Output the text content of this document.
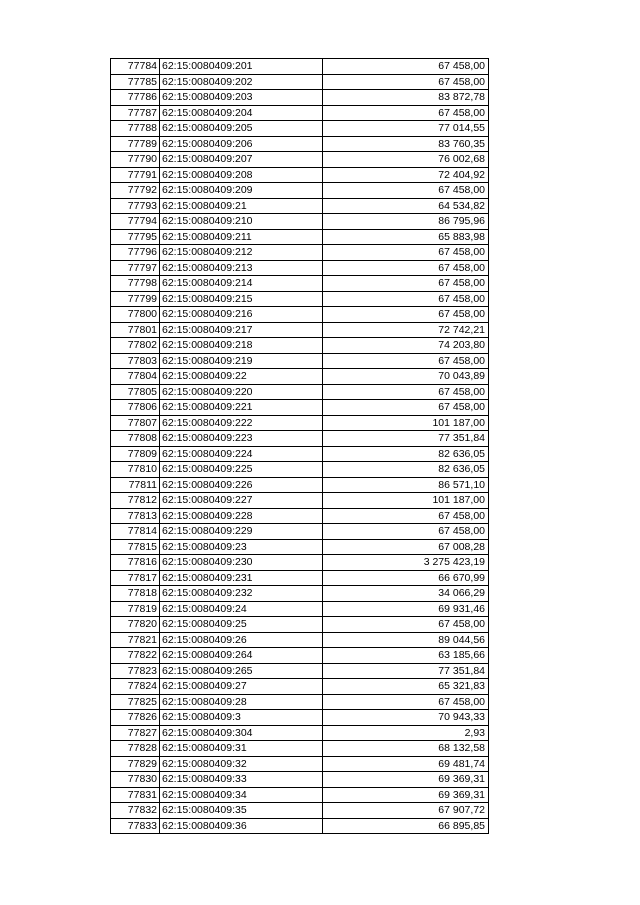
77784	62:15:0080409:201	67 458,00
77785	62:15:0080409:202	67 458,00
77786	62:15:0080409:203	83 872,78
77787	62:15:0080409:204	67 458,00
77788	62:15:0080409:205	77 014,55
77789	62:15:0080409:206	83 760,35
77790	62:15:0080409:207	76 002,68
77791	62:15:0080409:208	72 404,92
77792	62:15:0080409:209	67 458,00
77793	62:15:0080409:21	64 534,82
77794	62:15:0080409:210	86 795,96
77795	62:15:0080409:211	65 883,98
77796	62:15:0080409:212	67 458,00
77797	62:15:0080409:213	67 458,00
77798	62:15:0080409:214	67 458,00
77799	62:15:0080409:215	67 458,00
77800	62:15:0080409:216	67 458,00
77801	62:15:0080409:217	72 742,21
77802	62:15:0080409:218	74 203,80
77803	62:15:0080409:219	67 458,00
77804	62:15:0080409:22	70 043,89
77805	62:15:0080409:220	67 458,00
77806	62:15:0080409:221	67 458,00
77807	62:15:0080409:222	101 187,00
77808	62:15:0080409:223	77 351,84
77809	62:15:0080409:224	82 636,05
77810	62:15:0080409:225	82 636,05
77811	62:15:0080409:226	86 571,10
77812	62:15:0080409:227	101 187,00
77813	62:15:0080409:228	67 458,00
77814	62:15:0080409:229	67 458,00
77815	62:15:0080409:23	67 008,28
77816	62:15:0080409:230	3 275 423,19
77817	62:15:0080409:231	66 670,99
77818	62:15:0080409:232	34 066,29
77819	62:15:0080409:24	69 931,46
77820	62:15:0080409:25	67 458,00
77821	62:15:0080409:26	89 044,56
77822	62:15:0080409:264	63 185,66
77823	62:15:0080409:265	77 351,84
77824	62:15:0080409:27	65 321,83
77825	62:15:0080409:28	67 458,00
77826	62:15:0080409:3	70 943,33
77827	62:15:0080409:304	2,93
77828	62:15:0080409:31	68 132,58
77829	62:15:0080409:32	69 481,74
77830	62:15:0080409:33	69 369,31
77831	62:15:0080409:34	69 369,31
77832	62:15:0080409:35	67 907,72
77833	62:15:0080409:36	66 895,85
